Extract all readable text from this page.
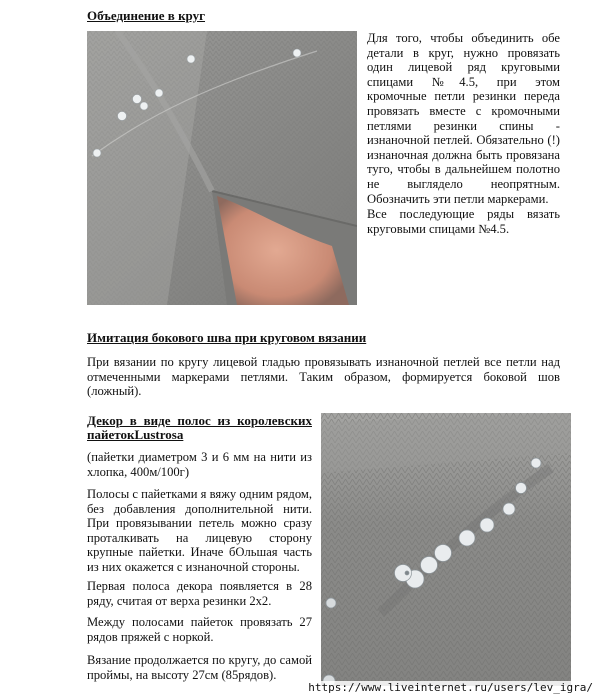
Объединение в круг

Для того, чтобы объединить обе детали в круг, нужно провязать один лицевой ряд круговыми спицами №4.5, при этом кромочные петли резинки переда провязать вместе с кромочными петлями резинки спины - изнаночной петлей. Обязательно (!) изнаночная должна быть провязана туго, чтобы в дальнейшем полотно не выглядело неопрятным. Обозначить эти петли маркерами.

Все последующие ряды вязать круговыми спицами №4.5.

Имитация бокового шва при круговом вязании

При вязании по кругу лицевой гладью провязывать изнаночной петлей все петли над отмеченными маркерами петлями. Таким образом, формируется боковой шов (ложный).

Декор в виде полос из королевских пайетокLustrosa

(пайетки диаметром 3 и 6 мм на нити из хлопка, 400м/100г)

Полосы с пайетками я вяжу одним рядом, без добавления дополнительной нити. При провязывании петель можно сразу проталкивать на лицевую сторону крупные пайетки. Иначе бОльшая часть из них окажется с изнаночной стороны.

Первая полоса декора появляется в 28 ряду, считая от верха резинки 2х2.

Между полосами пайеток провязать 27 рядов пряжей с норкой.

Вязание продолжается по кругу, до самой проймы, на высоту 27см (85рядов).

https://www.liveinternet.ru/users/lev_igra/
